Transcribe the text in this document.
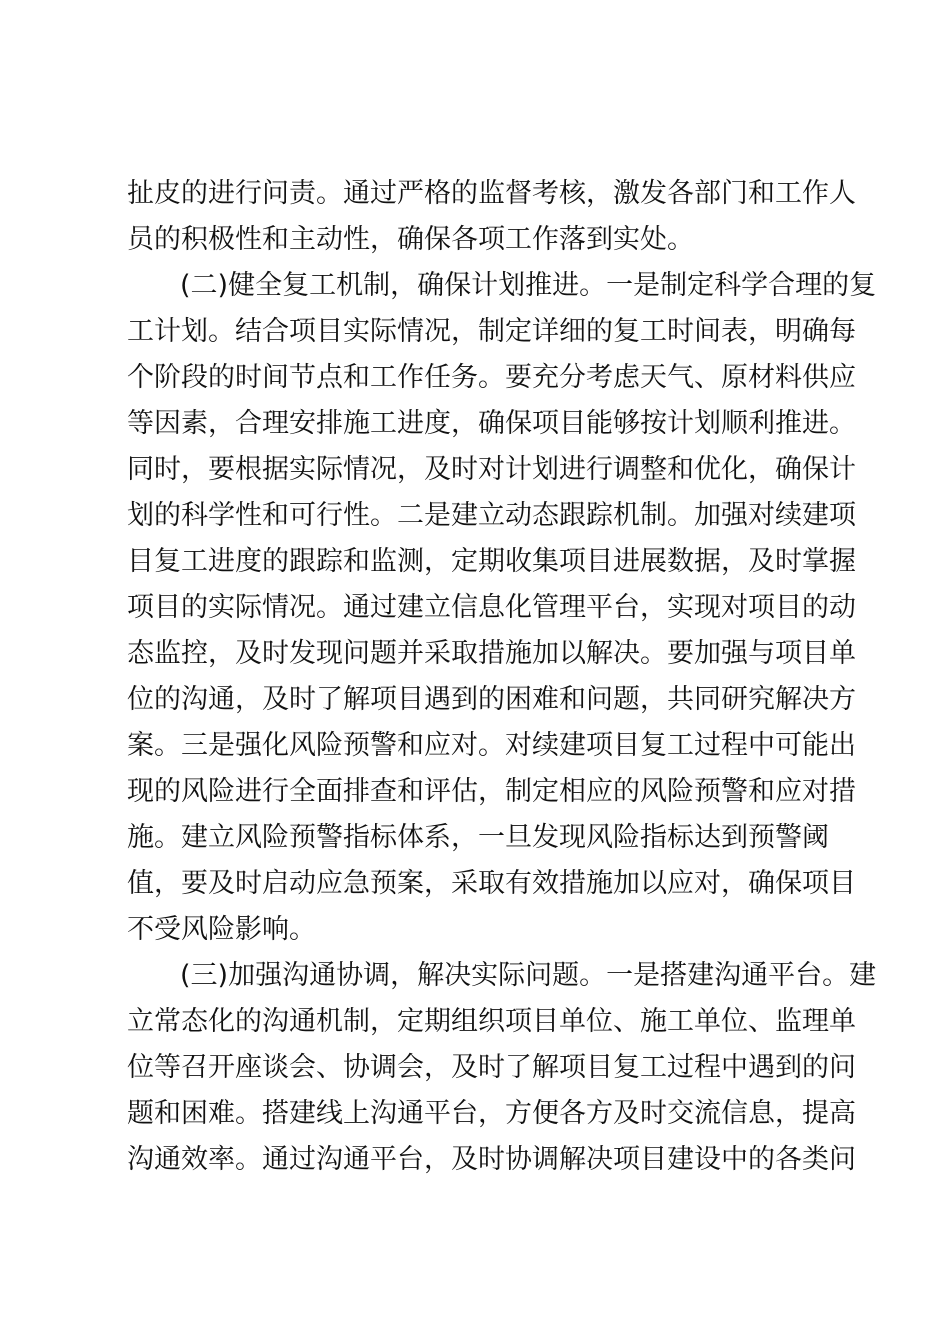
扯皮的进行问责。通过严格的监督考核，激发各部门和工作人
员的积极性和主动性，确保各项工作落到实处。
(二)健全复工机制，确保计划推进。一是制定科学合理的复
工计划。结合项目实际情况，制定详细的复工时间表，明确每
个阶段的时间节点和工作任务。要充分考虑天气、原材料供应
等因素，合理安排施工进度，确保项目能够按计划顺利推进。
同时，要根据实际情况，及时对计划进行调整和优化，确保计
划的科学性和可行性。二是建立动态跟踪机制。加强对续建项
目复工进度的跟踪和监测，定期收集项目进展数据，及时掌握
项目的实际情况。通过建立信息化管理平台，实现对项目的动
态监控，及时发现问题并采取措施加以解决。要加强与项目单
位的沟通，及时了解项目遇到的困难和问题，共同研究解决方
案。三是强化风险预警和应对。对续建项目复工过程中可能出
现的风险进行全面排查和评估，制定相应的风险预警和应对措
施。建立风险预警指标体系，一旦发现风险指标达到预警阈
值，要及时启动应急预案，采取有效措施加以应对，确保项目
不受风险影响。
(三)加强沟通协调，解决实际问题。一是搭建沟通平台。建
立常态化的沟通机制，定期组织项目单位、施工单位、监理单
位等召开座谈会、协调会，及时了解项目复工过程中遇到的问
题和困难。搭建线上沟通平台，方便各方及时交流信息，提高
沟通效率。通过沟通平台，及时协调解决项目建设中的各类问
